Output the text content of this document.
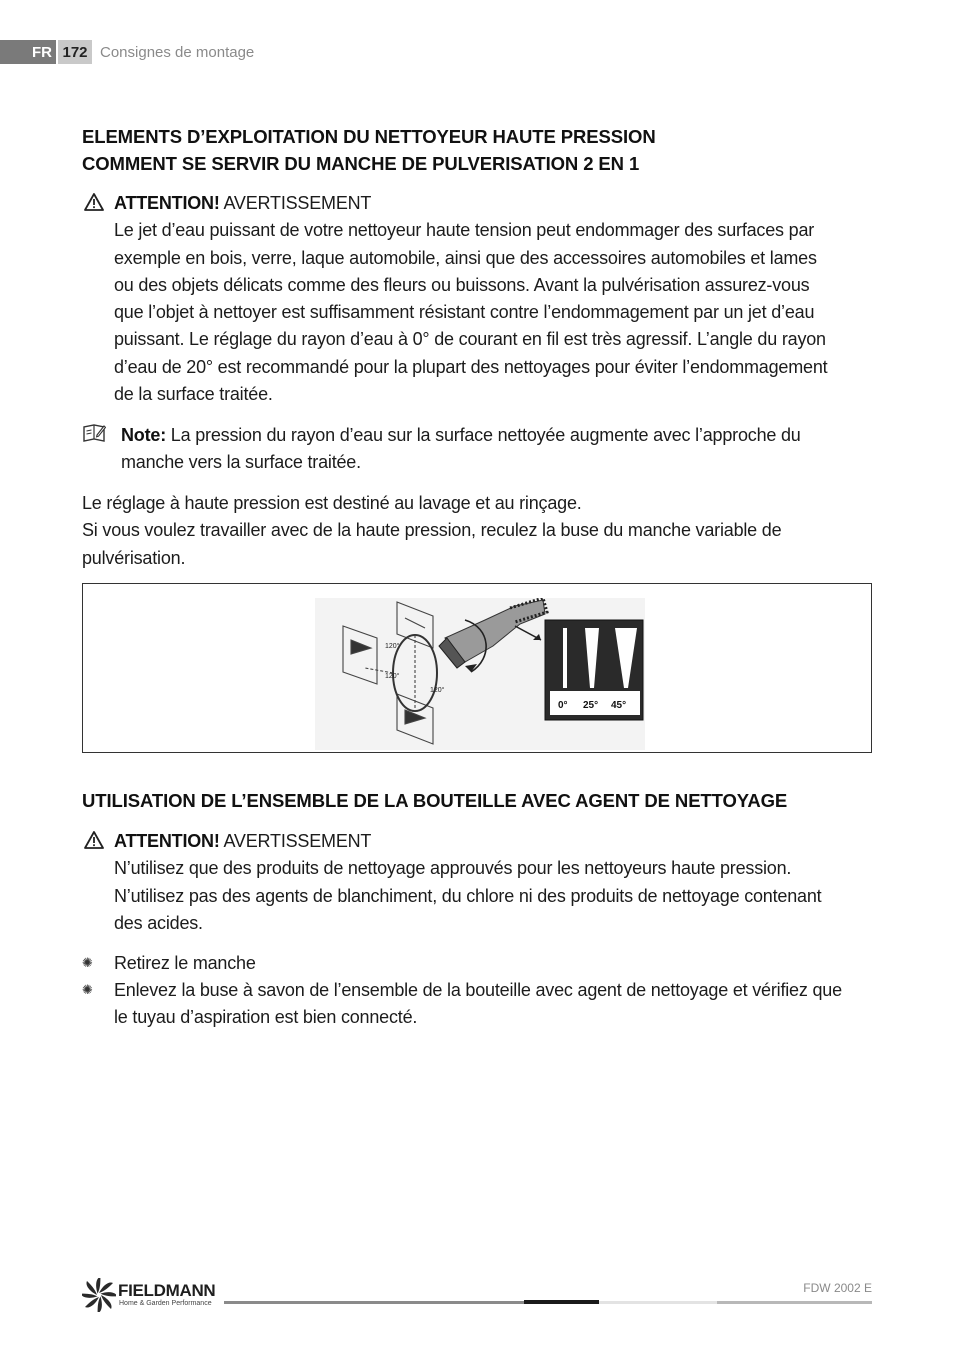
FR 172 Consignes de montage
ELEMENTS D’EXPLOITATION DU NETTOYEUR HAUTE PRESSION
COMMENT SE SERVIR DU MANCHE DE PULVERISATION 2 EN 1
ATTENTION! AVERTISSEMENT
Le jet d’eau puissant de votre nettoyeur haute tension peut endommager des surfaces par
exemple en bois, verre, laque automobile, ainsi que des accessoires automobiles et lames
ou des objets délicats comme des fleurs ou buissons. Avant la pulvérisation assurez-vous
que l’objet à nettoyer est suffisamment résistant contre l’endommagement par un jet d’eau
puissant. Le réglage du rayon d’eau à 0° de courant en fil est très agressif. L’angle du rayon
d’eau de 20° est recommandé pour la plupart des nettoyages pour éviter l’endommagement
de la surface traitée.
Note: La pression du rayon d’eau sur la surface nettoyée augmente avec l’approche du
manche vers la surface traitée.
Le réglage à haute pression est destiné au lavage et au rinçage.
Si vous voulez travailler avec de la haute pression, reculez la buse du manche variable de
pulvérisation.
120°
120°
120°
0° 25° 45°
UTILISATION DE L’ENSEMBLE DE LA BOUTEILLE AVEC AGENT DE NETTOYAGE
ATTENTION! AVERTISSEMENT
N’utilisez que des produits de nettoyage approuvés pour les nettoyeurs haute pression.
N’utilisez pas des agents de blanchiment, du chlore ni des produits de nettoyage contenant
des acides.
✺ Retirez le manche
✺ Enlevez la buse à savon de l’ensemble de la bouteille avec agent de nettoyage et vérifiez que
le tuyau d’aspiration est bien connecté.
FIELDMANN
Home & Garden Performance
FDW 2002 E
